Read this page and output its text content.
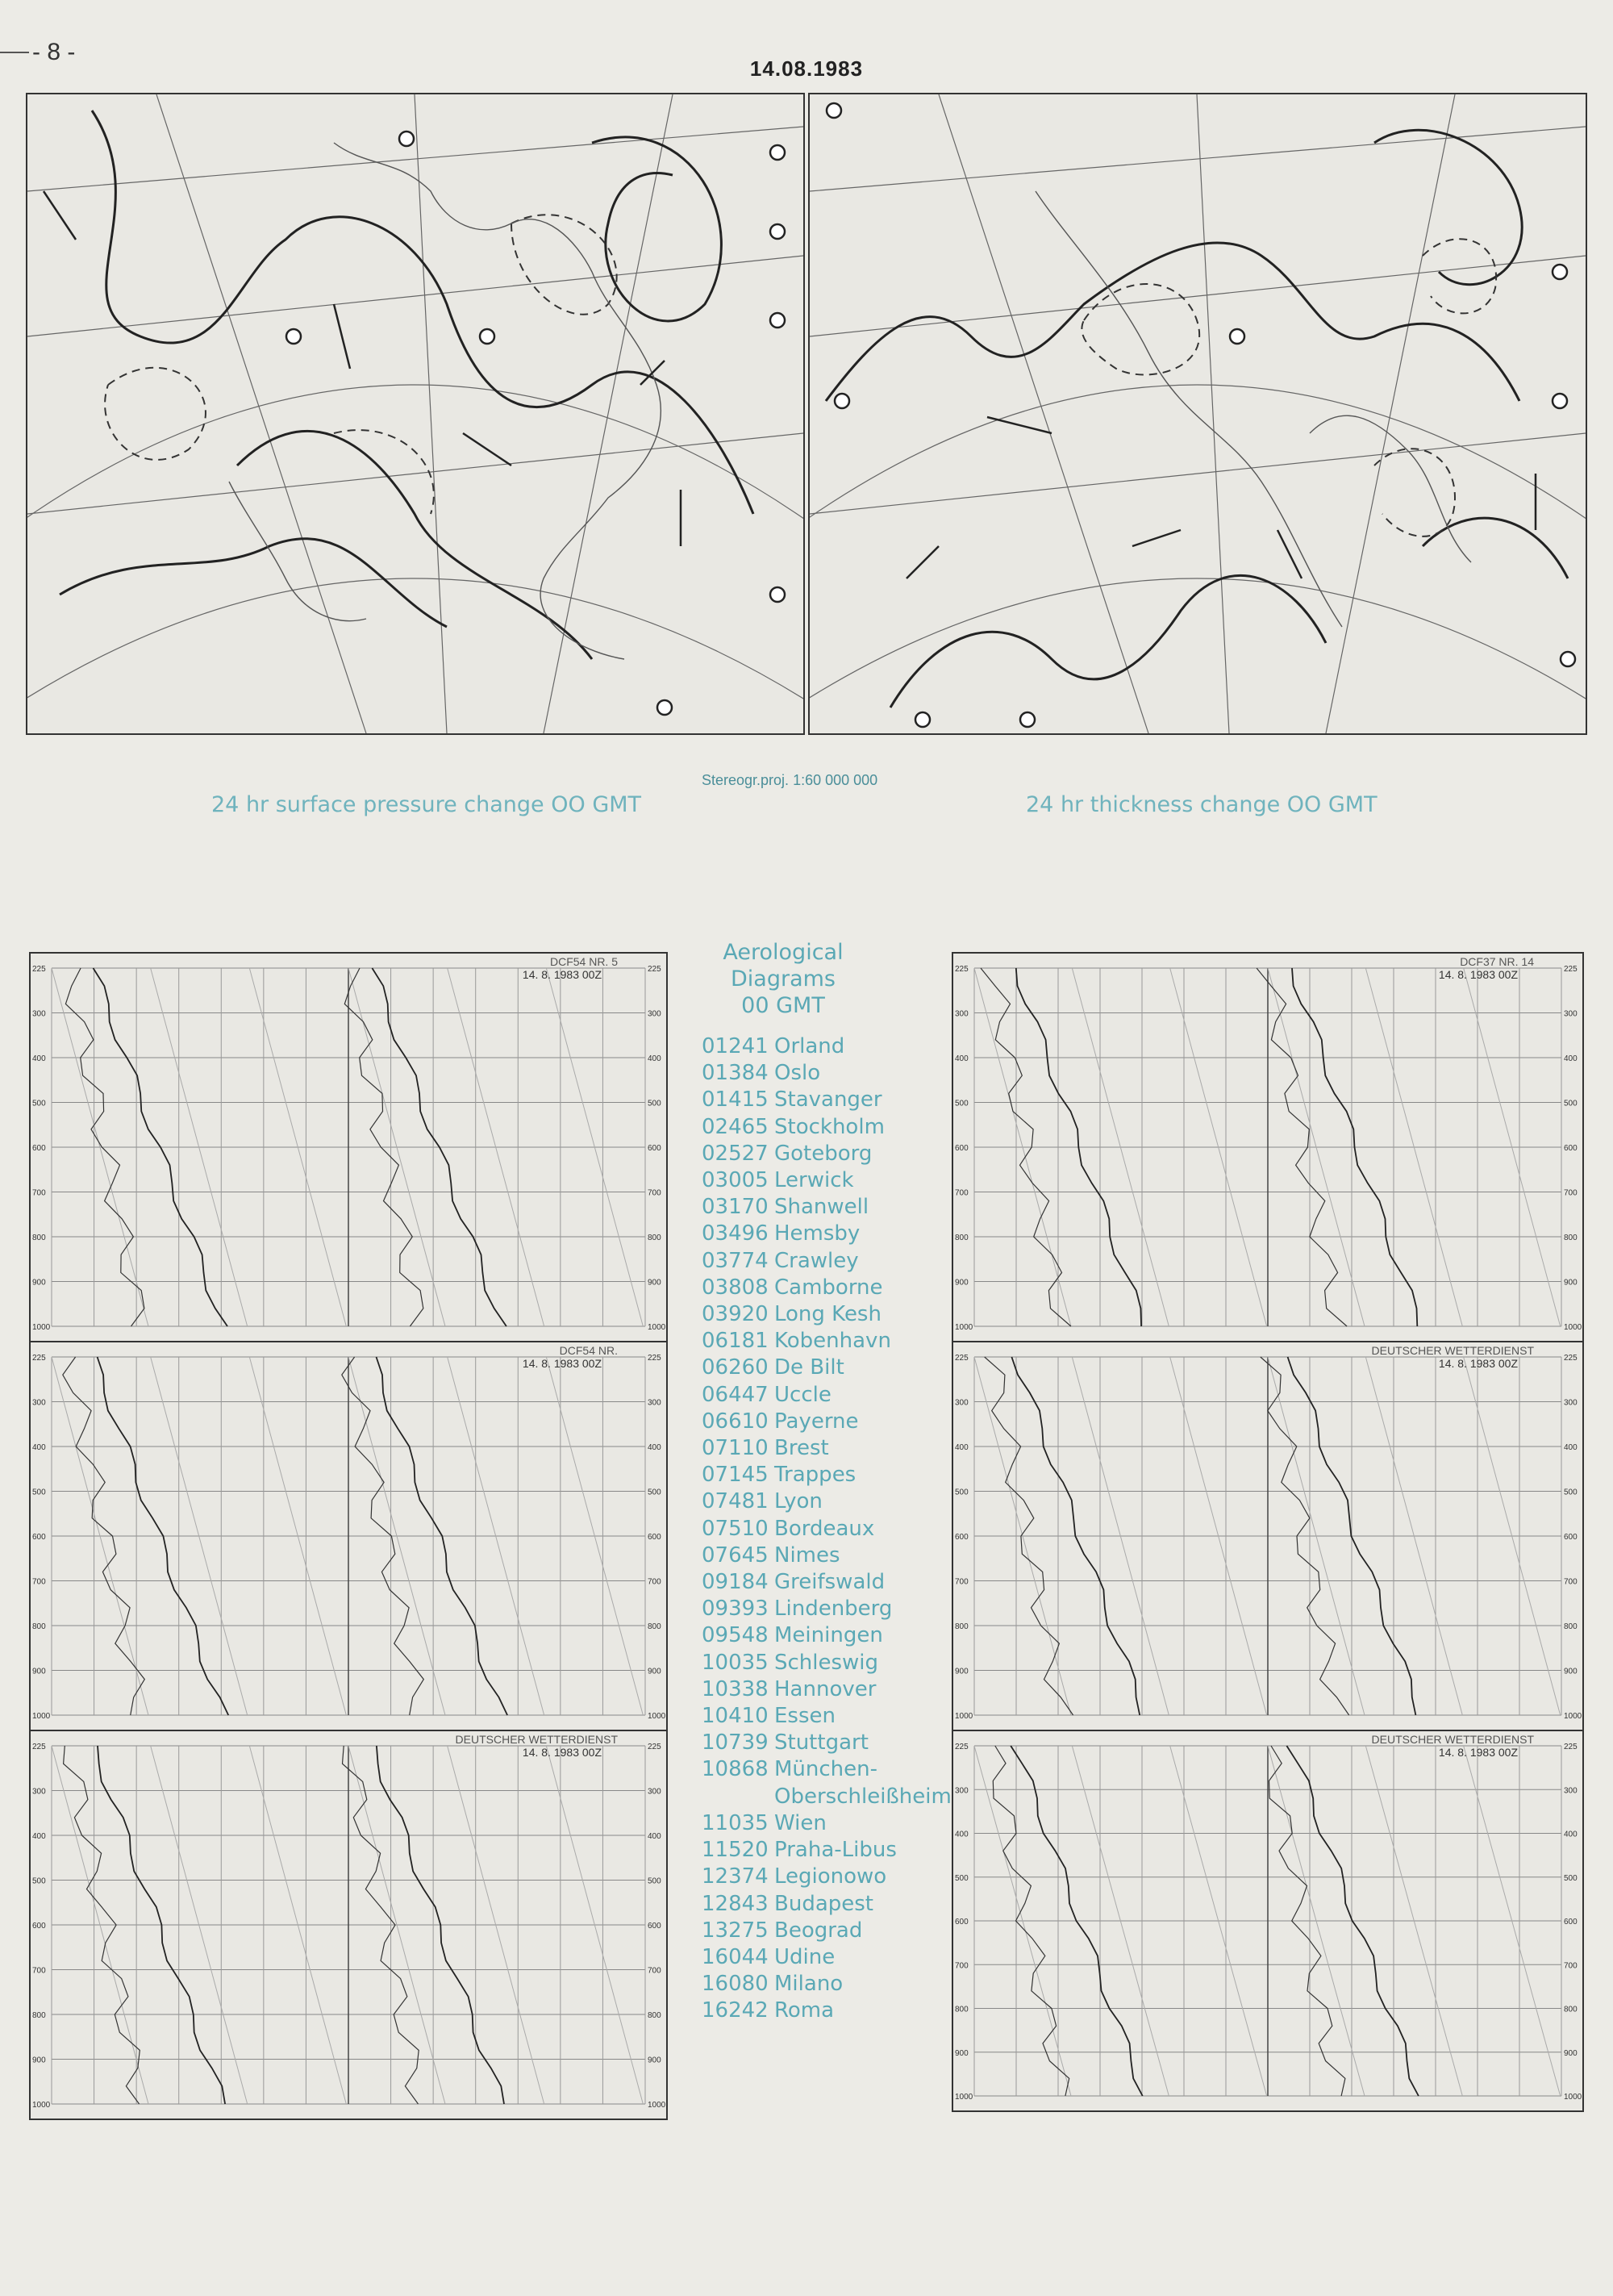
- 8 -
14.08.1983
24 hr surface pressure change OO GMT
Stereogr.proj. 1:60 000 000
24 hr thickness change OO GMT
DCF54 NR. 5
14. 8. 1983 00Z
225	225
300	300
400	400
500	500
600	600
700	700
800	800
900	900
1000	1000
DCF54 NR.
14. 8. 1983 00Z
225	225
300	300
400	400
500	500
600	600
700	700
800	800
900	900
1000	1000
DEUTSCHER WETTERDIENST
14. 8. 1983 00Z
225	225
300	300
400	400
500	500
600	600
700	700
800	800
900	900
1000	1000
DCF37 NR. 14
14. 8. 1983 00Z
225	225
300	300
400	400
500	500
600	600
700	700
800	800
900	900
1000	1000
DEUTSCHER WETTERDIENST
14. 8. 1983 00Z
225	225
300	300
400	400
500	500
600	600
700	700
800	800
900	900
1000	1000
DEUTSCHER WETTERDIENST
14. 8. 1983 00Z
225	225
300	300
400	400
500	500
600	600
700	700
800	800
900	900
1000	1000
Aerological
Diagrams
00 GMT
01241 Orland
01384 Oslo
01415 Stavanger
02465 Stockholm
02527 Goteborg
03005 Lerwick
03170 Shanwell
03496 Hemsby
03774 Crawley
03808 Camborne
03920 Long Kesh
06181 Kobenhavn
06260 De Bilt
06447 Uccle
06610 Payerne
07110 Brest
07145 Trappes
07481 Lyon
07510 Bordeaux
07645 Nimes
09184 Greifswald
09393 Lindenberg
09548 Meiningen
10035 Schleswig
10338 Hannover
10410 Essen
10739 Stuttgart
10868 München-
Oberschleißheim
11035 Wien
11520 Praha-Libus
12374 Legionowo
12843 Budapest
13275 Beograd
16044 Udine
16080 Milano
16242 Roma
